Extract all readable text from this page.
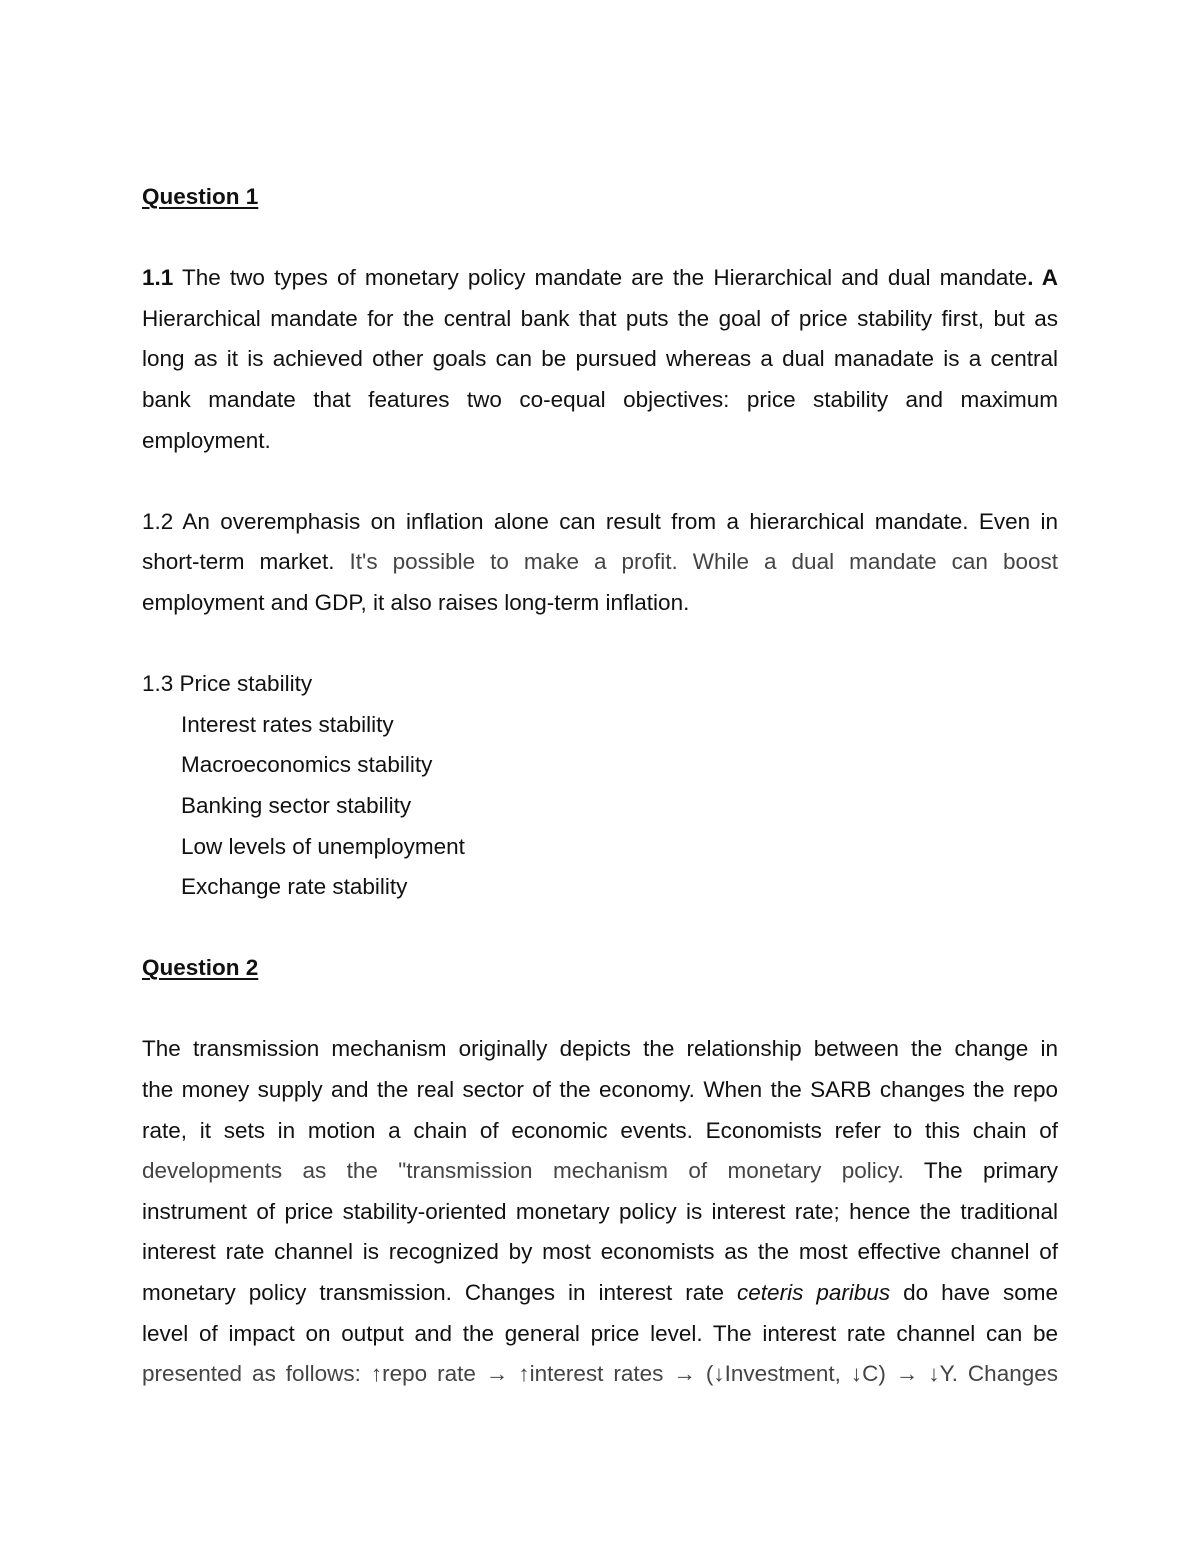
Question 1
1.1 The two types of monetary policy mandate are the Hierarchical and dual mandate. A
Hierarchical mandate for the central bank that puts the goal of price stability first, but as
long as it is achieved other goals can be pursued whereas a dual manadate is a central
bank mandate that features two co-equal objectives: price stability and maximum
employment.
1.2 An overemphasis on inflation alone can result from a hierarchical mandate. Even in
short-term market. It's possible to make a profit. While a dual mandate can boost
employment and GDP, it also raises long-term inflation.
1.3 Price stability
Interest rates stability
Macroeconomics stability
Banking sector stability
Low levels of unemployment
Exchange rate stability
Question 2
The transmission mechanism originally depicts the relationship between the change in
the money supply and the real sector of the economy. When the SARB changes the repo
rate, it sets in motion a chain of economic events. Economists refer to this chain of
developments as the "transmission mechanism of monetary policy. The primary
instrument of price stability-oriented monetary policy is interest rate; hence the traditional
interest rate channel is recognized by most economists as the most effective channel of
monetary policy transmission. Changes in interest rate ceteris paribus do have some
level of impact on output and the general price level. The interest rate channel can be
presented as follows: ↑repo rate → ↑interest rates → (↓Investment, ↓C) → ↓Y. Changes
